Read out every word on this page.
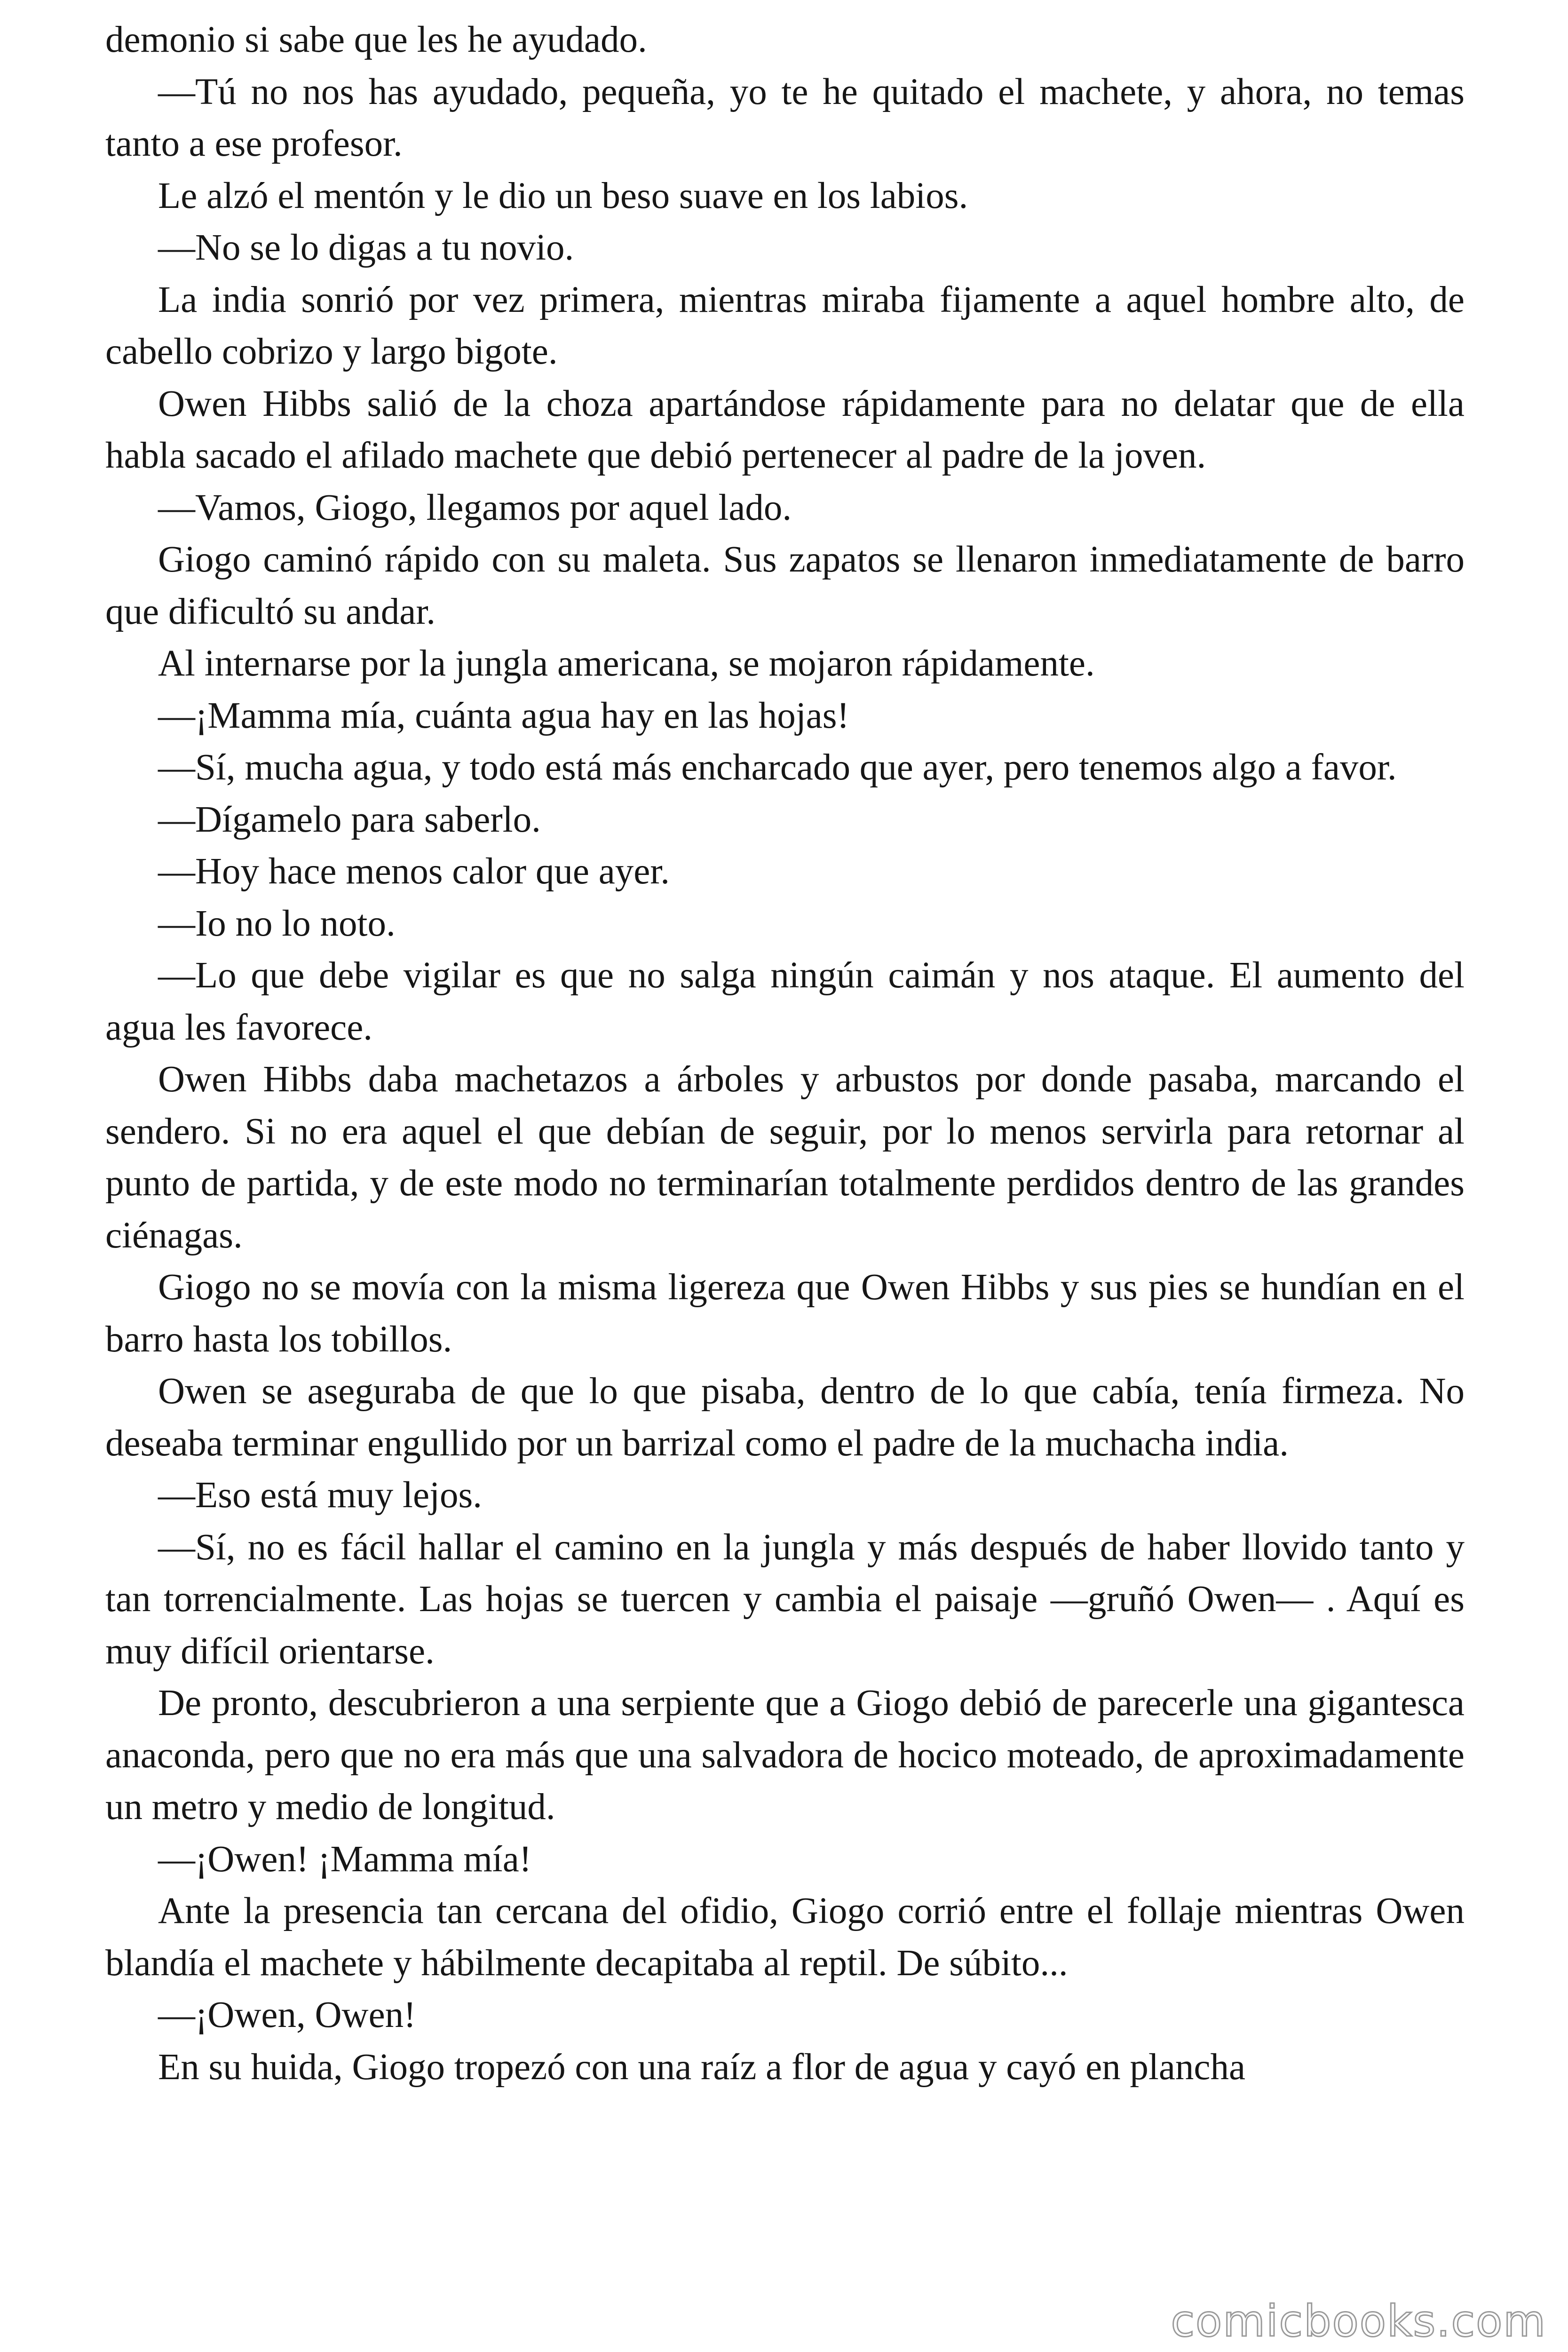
demonio si sabe que les he ayudado.

—Tú no nos has ayudado, pequeña, yo te he quitado el machete, y ahora, no temas tanto a ese profesor.

Le alzó el mentón y le dio un beso suave en los labios.

—No se lo digas a tu novio.

La india sonrió por vez primera, mientras miraba fijamente a aquel hombre alto, de cabello cobrizo y largo bigote.

Owen Hibbs salió de la choza apartándose rápidamente para no delatar que de ella habla sacado el afilado machete que debió pertenecer al padre de la joven.

—Vamos, Giogo, llegamos por aquel lado.

Giogo caminó rápido con su maleta. Sus zapatos se llenaron inmediatamente de barro que dificultó su andar.

Al internarse por la jungla americana, se mojaron rápidamente.

—¡Mamma mía, cuánta agua hay en las hojas!

—Sí, mucha agua, y todo está más encharcado que ayer, pero tenemos algo a favor.

—Dígamelo para saberlo.

—Hoy hace menos calor que ayer.

—Io no lo noto.

—Lo que debe vigilar es que no salga ningún caimán y nos ataque. El aumento del agua les favorece.

Owen Hibbs daba machetazos a árboles y arbustos por donde pasaba, marcando el sendero. Si no era aquel el que debían de seguir, por lo menos servirla para retornar al punto de partida, y de este modo no terminarían totalmente perdidos dentro de las grandes ciénagas.

Giogo no se movía con la misma ligereza que Owen Hibbs y sus pies se hundían en el barro hasta los tobillos.

Owen se aseguraba de que lo que pisaba, dentro de lo que cabía, tenía firmeza. No deseaba terminar engullido por un barrizal como el padre de la muchacha india.

—Eso está muy lejos.

—Sí, no es fácil hallar el camino en la jungla y más después de haber llovido tanto y tan torrencialmente. Las hojas se tuercen y cambia el paisaje —gruñó Owen— . Aquí es muy difícil orientarse.

De pronto, descubrieron a una serpiente que a Giogo debió de parecerle una gigantesca anaconda, pero que no era más que una salvadora de hocico moteado, de aproximadamente un metro y medio de longitud.

—¡Owen! ¡Mamma mía!

Ante la presencia tan cercana del ofidio, Giogo corrió entre el follaje mientras Owen blandía el machete y hábilmente decapitaba al reptil. De súbito...

—¡Owen, Owen!

En su huida, Giogo tropezó con una raíz a flor de agua y cayó en plancha

comicbooks.com
